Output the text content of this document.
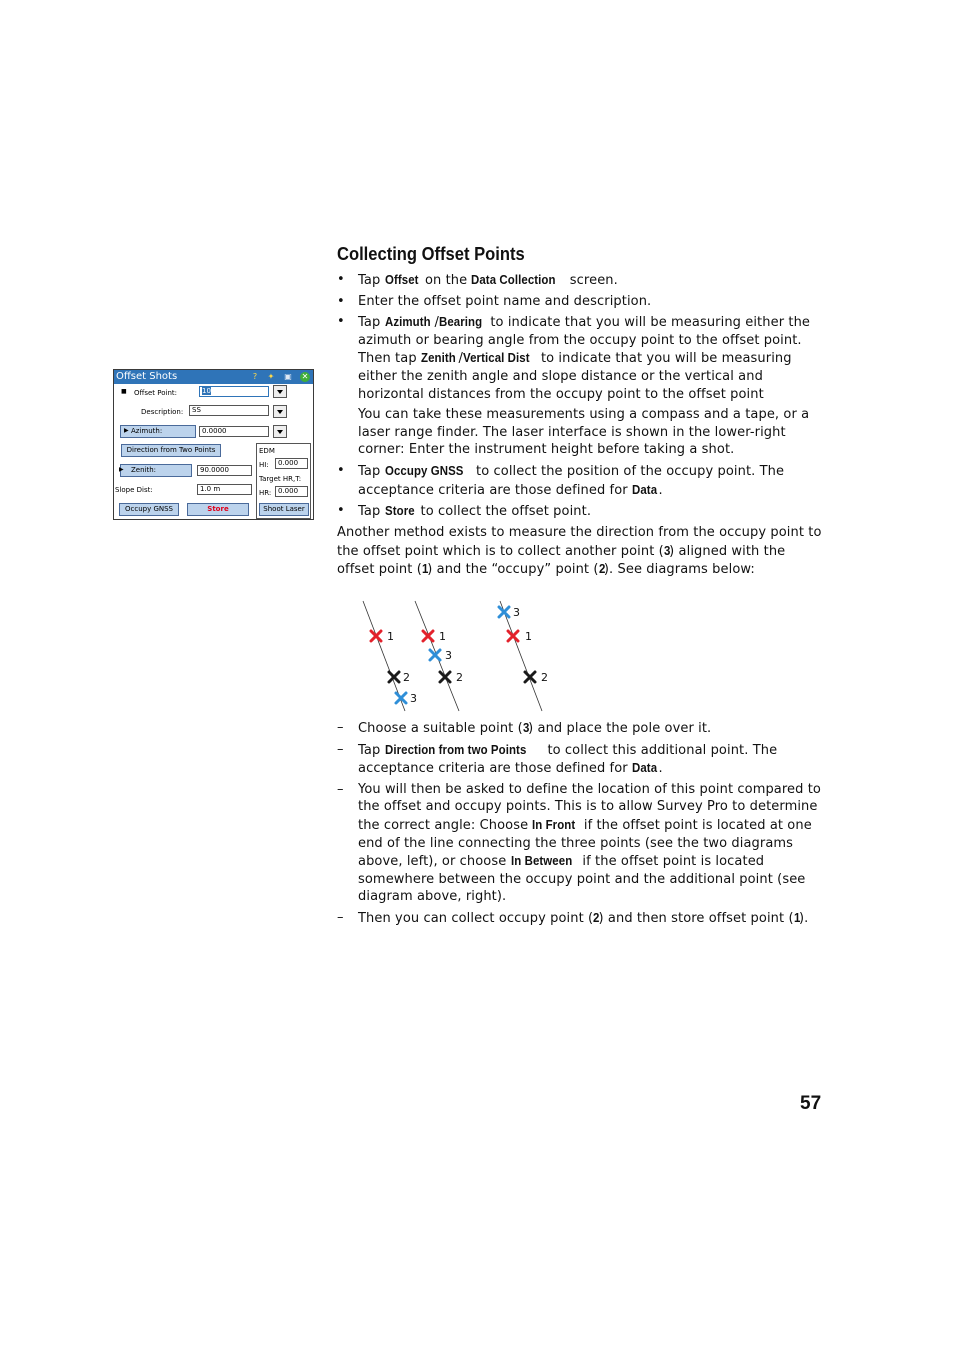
Collecting Offset Points
• Tap Offset on the Data Collection screen.
• Enter the offset point name and description.
• Tap Azimuth /Bearing to indicate that you will be measuring either the azimuth or bearing angle from the occupy point to the offset point. Then tap Zenith /Vertical Dist to indicate that you will be measuring either the zenith angle and slope distance or the vertical and horizontal distances from the occupy point to the offset point
You can take these measurements using a compass and a tape, or a laser range finder. The laser interface is shown in the lower-right corner: Enter the instrument height before taking a shot.
• Tap Occupy GNSS to collect the position of the occupy point. The acceptance criteria are those defined for Data.
• Tap Store to collect the offset point.

Another method exists to measure the direction from the occupy point to the offset point which is to collect another point (3) aligned with the offset point (1) and the “occupy” point (2). See diagrams below:

Offset Shots	?	✦ ▣ ✕
■ Offset Point:	10
Description:	SS
Azimuth:
▶	0.0000
Direction from Two Points
Zenith:
▶	90.0000
Slope Dist:	1.0 m
EDM
HI:	0.000
Target HR,T:
HR: 0.000
Occupy GNSS	Store	Shoot Laser
1
2
3
1
3
2
3
1
2
– Choose a suitable point (3) and place the pole over it.
– Tap Direction from two Points to collect this additional point. The acceptance criteria are those defined for Data.
– You will then be asked to define the location of this point compared to the offset and occupy points. This is to allow Survey Pro to determine the correct angle: Choose In Front if the offset point is located at one end of the line connecting the three points (see the two diagrams above, left), or choose In Between if the offset point is located somewhere between the occupy point and the additional point (see diagram above, right).
– Then you can collect occupy point (2) and then store offset point (1).
57
